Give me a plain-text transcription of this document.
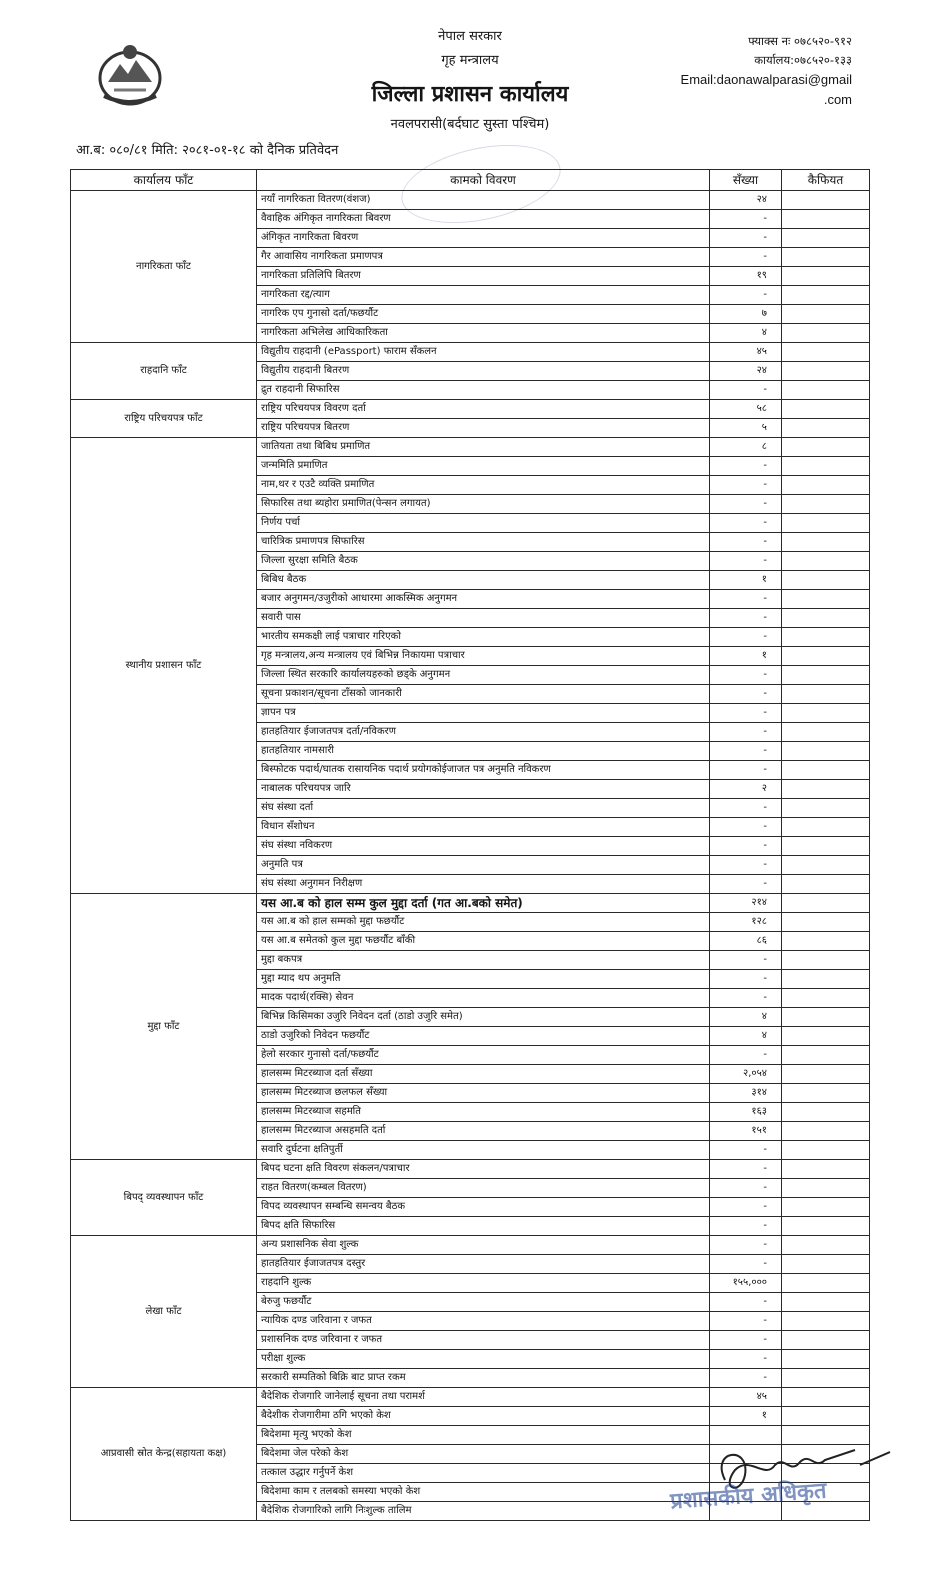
नेपाल सरकार
गृह मन्त्रालय
जिल्ला प्रशासन कार्यालय
नवलपरासी(बर्दघाट सुस्ता पश्चिम)
फ्याक्स नः ०७८५२०-९१२
कार्यालय:०७८५२०-१३३
Email:daonawalparasi@gmail
.com
आ.ब: ०८०/८१ मिति: २०८१-०१-१८ को दैनिक प्रतिवेदन
कार्यालय फाँट	कामको विवरण	सँख्या	कैफियत
नागरिकता फाँट	नयाँ नागरिकता वितरण(वंशज)	२४	
	वैवाहिक अंगिकृत नागरिकता बिवरण	-	
	अंगिकृत नागरिकता बिवरण	-	
	गैर आवासिय नागरिकता प्रमाणपत्र	-	
	नागरिकता प्रतिलिपि बितरण	१९	
	नागरिकता रद्द/त्याग	-	
	नागरिक एप गुनासो दर्ता/फछर्यौट	७	
	नागरिकता अभिलेख आधिकारिकता	४	
राहदानि फाँट	विद्युतीय राहदानी (ePassport) फाराम सँकलन	४५	
	विद्युतीय राहदानी बितरण	२४	
	द्रुत राहदानी सिफारिस	-	
राष्ट्रिय परिचयपत्र फाँट	राष्ट्रिय परिचयपत्र विवरण दर्ता	५८	
	राष्ट्रिय परिचयपत्र बितरण	५	
स्थानीय प्रशासन फाँट	जातियता तथा बिबिध प्रमाणित	८	
	जन्ममिति प्रमाणित	-	
	नाम,थर र एउटै व्यक्ति प्रमाणित	-	
	सिफारिस तथा ब्यहोरा प्रमाणित(पेन्सन लगायत)	-	
	निर्णय पर्चा	-	
	चारित्रिक प्रमाणपत्र सिफारिस	-	
	जिल्ला सुरक्षा समिति बैठक	-	
	बिबिध बैठक	१	
	बजार अनुगमन/उजुरीको आधारमा आकस्मिक अनुगमन	-	
	सवारी पास	-	
	भारतीय समकक्षी लाई पत्राचार गरिएको	-	
	गृह मन्त्रालय,अन्य मन्त्रालय एवं बिभिन्न निकायमा पत्राचार	१	
	जिल्ला स्थित सरकारि कार्यालयहरुको छड्के अनुगमन	-	
	सूचना प्रकाशन/सूचना टाँसको जानकारी	-	
	ज्ञापन पत्र	-	
	हातहतियार ईजाजतपत्र दर्ता/नविकरण	-	
	हातहतियार नामसारी	-	
	बिस्फोटक पदार्थ/घातक रासायनिक पदार्थ प्रयोगकोईजाजत पत्र अनुमति नविकरण	-	
	नाबालक परिचयपत्र जारि	२	
	संघ संस्था दर्ता	-	
	विधान सँशोधन	-	
	संघ संस्था नविकरण	-	
	अनुमति पत्र	-	
	संघ संस्था अनुगमन निरीक्षण	-	
मुद्दा फाँट	यस आ.ब को हाल सम्म कुल मुद्दा दर्ता (गत आ.बको समेत)	२१४	
	यस आ.ब को हाल सम्मको मुद्दा फछर्यौट	१२८	
	यस आ.ब समेतको कुल मुद्दा फछर्यौट बाँकी	८६	
	मुद्दा बकपत्र	-	
	मुद्दा म्याद थप अनुमति	-	
	मादक पदार्थ(रक्सि) सेवन	-	
	बिभिन्न किसिमका उजुरि निवेदन दर्ता (ठाडो उजुरि समेत)	४	
	ठाडो उजुरिको निवेदन फछर्यौट	४	
	हेलो सरकार गुनासो दर्ता/फछर्यौट	-	
	हालसम्म मिटरब्याज दर्ता सँख्या	२,०५४	
	हालसम्म मिटरब्याज छलफल सँख्या	३१४	
	हालसम्म मिटरब्याज सहमति	१६३	
	हालसम्म मिटरब्याज असहमति दर्ता	१५१	
	सवारि दुर्घटना क्षतिपुर्ती	-	
बिपद् व्यवस्थापन फाँट	बिपद घटना क्षति विवरण संकलन/पत्राचार	-	
	राहत वितरण(कम्बल वितरण)	-	
	विपद व्यवस्थापन सम्बन्धि समन्वय बैठक	-	
	बिपद क्षति सिफारिस	-	
लेखा फाँट	अन्य प्रशासनिक सेवा शुल्क	-	
	हातहतियार ईजाजतपत्र दस्तुर	-	
	राहदानि शुल्क	१५५,०००	
	बेरुजु फछर्यौट	-	
	न्यायिक दण्ड जरिवाना र जफत	-	
	प्रशासनिक दण्ड जरिवाना र जफत	-	
	परीक्षा शुल्क	-	
	सरकारी सम्पतिको बिक्रि बाट प्राप्त रकम	-	
आप्रवासी स्रोत केन्द्र(सहायता कक्ष)	बैदेशिक रोजगारि जानेलाई सूचना तथा परामर्श	४५	
	बैदेशीक रोजगारीमा ठगि भएको केश	१	
	बिदेशमा मृत्यु भएको केश		
	बिदेशमा जेल परेको केश		
	तत्काल उद्धार गर्नुपर्ने केश		
	बिदेशमा काम र तलबको समस्या भएको केश		
	बैदेशिक रोजगारिको लागि निःशुल्क तालिम			प्रशासकीय अधिकृत
